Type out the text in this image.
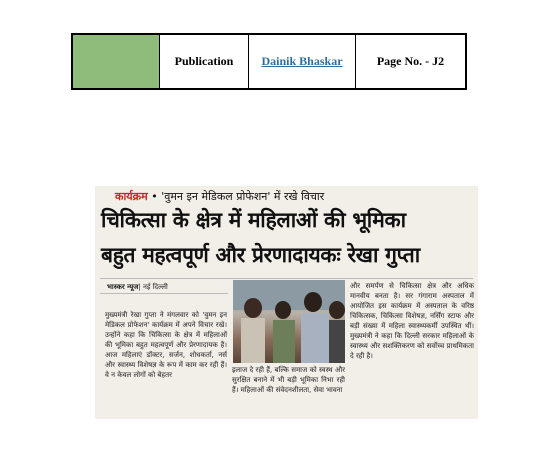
Publication	Dainik Bhaskar	Page No. - J2
कार्यक्रम • 'वुमन इन मेडिकल प्रोफेशन' में रखे विचार
चिकित्सा के क्षेत्र में महिलाओं की भूमिका
बहुत महत्वपूर्ण और प्रेरणादायकः रेखा गुप्ता
भास्कर न्यूज| नई दिल्ली
मुख्यमंत्री रेखा गुप्ता ने मंगलवार को 'वुमन इन मेडिकल प्रोफेशन' कार्यक्रम में अपने विचार रखे। उन्होंने कहा कि चिकित्सा के क्षेत्र में महिलाओं की भूमिका बहुत महत्वपूर्ण और प्रेरणादायक है। आज महिलाएं डॉक्टर, सर्जन, शोधकर्ता, नर्स और स्वास्थ्य विशेषज्ञ के रूप में काम कर रही हैं। वे न केवल लोगों को बेहतर
इलाज दे रही हैं, बल्कि समाज को स्वस्थ और सुरक्षित बनाने में भी बड़ी भूमिका निभा रही हैं। महिलाओं की संवेदनशीलता, सेवा भावना
और समर्पण से चिकित्सा क्षेत्र और अधिक मानवीय बनता है। सर गंगाराम अस्पताल में आयोजित इस कार्यक्रम में अस्पताल के वरिष्ठ चिकित्सक, चिकित्सा विशेषज्ञ, नर्सिंग स्टाफ और बड़ी संख्या में महिला स्वास्थ्यकर्मी उपस्थित थीं। मुख्यमंत्री ने कहा कि दिल्ली सरकार महिलाओं के स्वास्थ्य और सशक्तिकरण को सर्वोच्च प्राथमिकता दे रही है।
